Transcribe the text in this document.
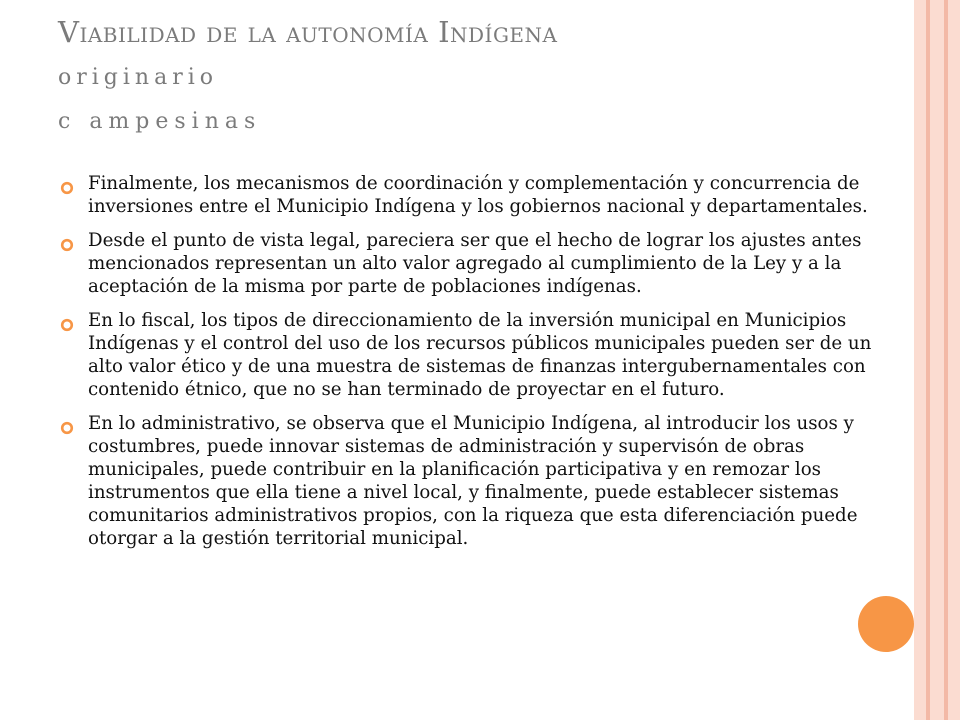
Viabilidad de la autonomía Indígena
originario
c ampesinas
Finalmente, los mecanismos de coordinación y complementación y concurrencia de inversiones entre el Municipio Indígena y los gobiernos nacional y departamentales.
Desde el punto de vista legal, pareciera ser que el hecho de lograr los ajustes antes mencionados representan un alto valor agregado al cumplimiento de la Ley y a la aceptación de la misma por parte de poblaciones indígenas.
En lo fiscal, los tipos de direccionamiento de la inversión municipal en Municipios Indígenas y el control del uso de los recursos públicos municipales pueden ser de un alto valor ético y de una muestra de sistemas de finanzas intergubernamentales con contenido étnico, que no se han terminado de proyectar en el futuro.
En lo administrativo, se observa que el Municipio Indígena, al introducir los usos y costumbres, puede innovar sistemas de administración y supervisón de obras municipales, puede contribuir en la planificación participativa y en remozar los instrumentos que ella tiene a nivel local, y finalmente, puede establecer sistemas comunitarios administrativos propios, con la riqueza que esta diferenciación puede otorgar a la gestión territorial municipal.
